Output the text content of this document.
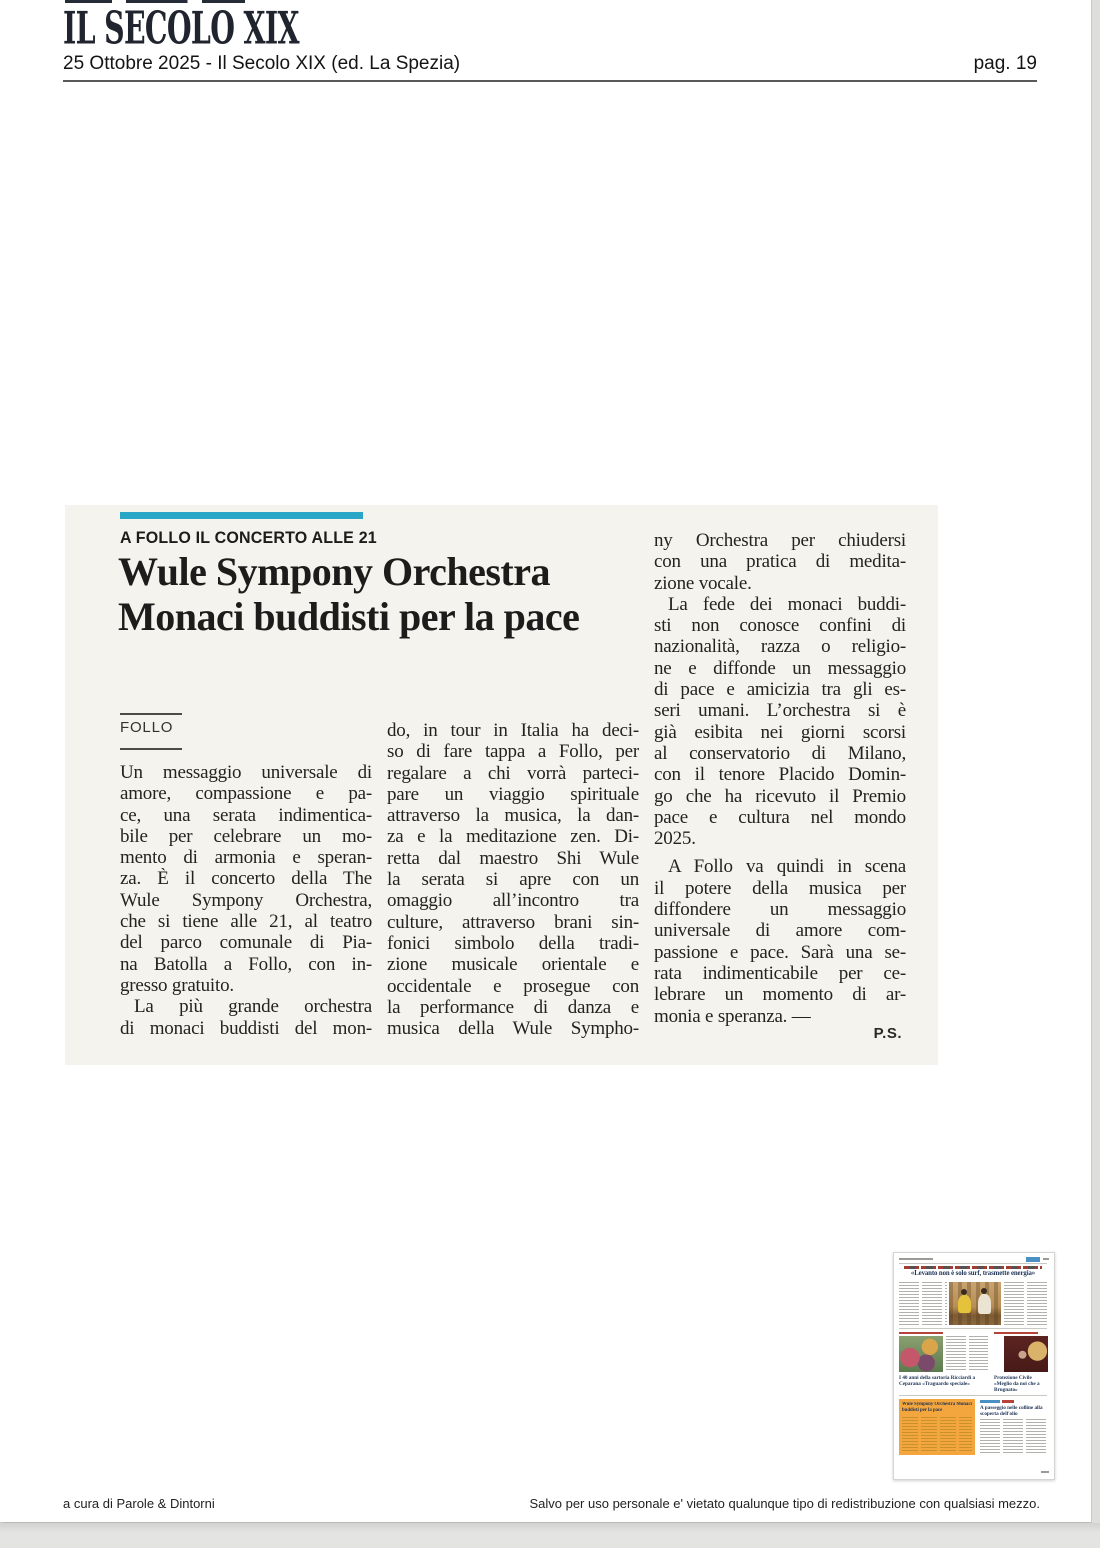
IL SECOLO XIX
25 Ottobre 2025 - Il Secolo XIX (ed. La Spezia)	pag. 19
A FOLLO IL CONCERTO ALLE 21
Wule Sympony Orchestra
Monaci buddisti per la pace
FOLLO
Un messaggio universale di
amore, compassione e pa-
ce, una serata indimentica-
bile per celebrare un mo-
mento di armonia e speran-
za. È il concerto della The
Wule Sympony Orchestra,
che si tiene alle 21, al teatro
del parco comunale di Pia-
na Batolla a Follo, con in-
gresso gratuito.
La più grande orchestra
di monaci buddisti del mon-
do, in tour in Italia ha deci-
so di fare tappa a Follo, per
regalare a chi vorrà parteci-
pare un viaggio spirituale
attraverso la musica, la dan-
za e la meditazione zen. Di-
retta dal maestro Shi Wule
la serata si apre con un
omaggio all’incontro tra
culture, attraverso brani sin-
fonici simbolo della tradi-
zione musicale orientale e
occidentale e prosegue con
la performance di danza e
musica della Wule Sympho-
ny Orchestra per chiudersi
con una pratica di medita-
zione vocale.
La fede dei monaci buddi-
sti non conosce confini di
nazionalità, razza o religio-
ne e diffonde un messaggio
di pace e amicizia tra gli es-
seri umani. L’orchestra si è
già esibita nei giorni scorsi
al conservatorio di Milano,
con il tenore Placido Domin-
go che ha ricevuto il Premio
pace e cultura nel mondo
2025.
A Follo va quindi in scena
il potere della musica per
diffondere un messaggio
universale di amore com-
passione e pace. Sarà una se-
rata indimenticabile per ce-
lebrare un momento di ar-
monia e speranza. —
P.S.
«Levanto non è solo surf, trasmette energia»
I 40 anni della sartoria Ricciardi a Ceparana «Traguardo speciale»
Protezione Civile «Meglio da noi che a Brugnato»
Wule Sympony Orchestra Monaci buddisti per la pace	A passeggio nelle colline alla scoperta dell'olio
a cura di Parole & Dintorni	Salvo per uso personale e' vietato qualunque tipo di redistribuzione con qualsiasi mezzo.
